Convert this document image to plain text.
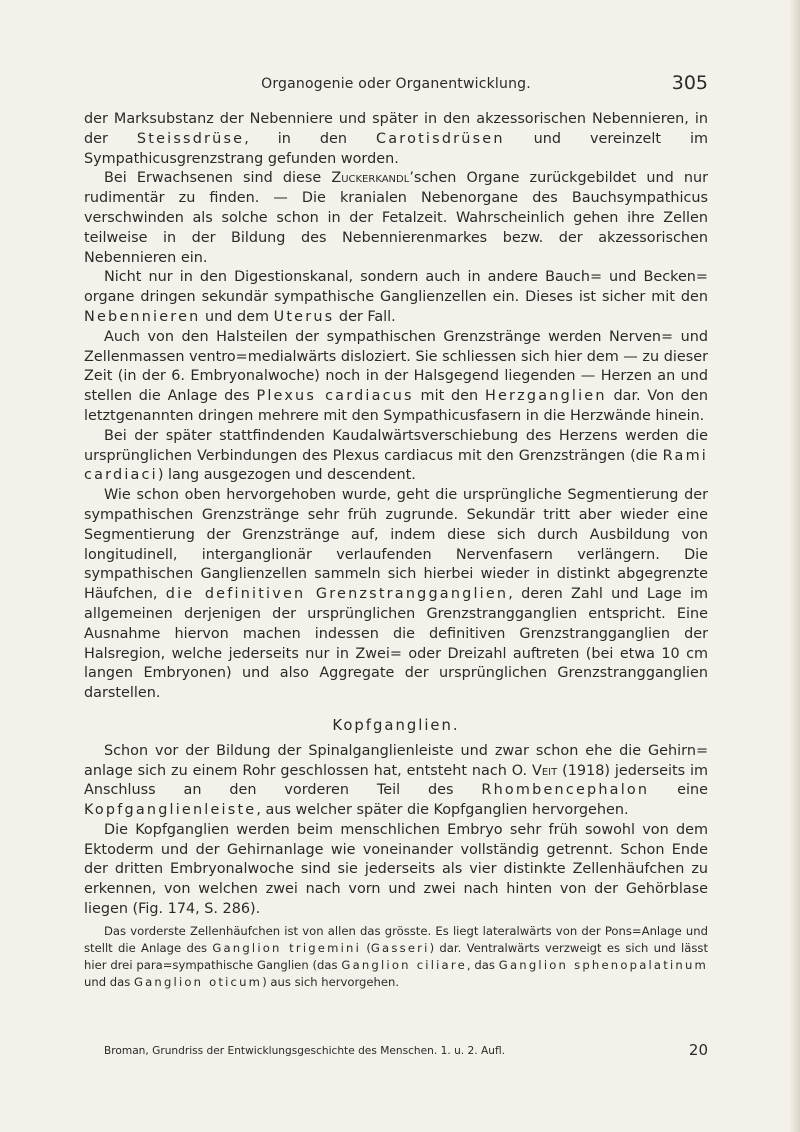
Organogenie oder Organentwicklung.	305

der Marksubstanz der Nebenniere und später in den akzessorischen Nebennieren, in der Steissdrüse, in den Carotisdrüsen und vereinzelt im Sympathicusgrenzstrang gefunden worden.

Bei Erwachsenen sind diese Zuckerkandl’schen Organe zurückgebildet und nur rudimentär zu finden. — Die kranialen Nebenorgane des Bauchsympathicus verschwinden als solche schon in der Fetalzeit. Wahrscheinlich gehen ihre Zellen teilweise in der Bildung des Nebennierenmarkes bezw. der akzessorischen Nebennieren ein.

Nicht nur in den Digestionskanal, sondern auch in andere Bauch= und Becken= organe dringen sekundär sympathische Ganglienzellen ein. Dieses ist sicher mit den Nebennieren und dem Uterus der Fall.

Auch von den Halsteilen der sympathischen Grenzstränge werden Nerven= und Zellenmassen ventro=medialwärts disloziert. Sie schliessen sich hier dem — zu dieser Zeit (in der 6. Embryonalwoche) noch in der Halsgegend liegenden — Herzen an und stellen die Anlage des Plexus cardiacus mit den Herzganglien dar. Von den letztgenannten dringen mehrere mit den Sympathicusfasern in die Herzwände hinein.

Bei der später stattfindenden Kaudalwärtsverschiebung des Herzens werden die ursprünglichen Verbindungen des Plexus cardiacus mit den Grenzsträngen (die Rami cardiaci) lang ausgezogen und descendent.

Wie schon oben hervorgehoben wurde, geht die ursprüngliche Segmentierung der sympathischen Grenzstränge sehr früh zugrunde. Sekundär tritt aber wieder eine Segmentierung der Grenzstränge auf, indem diese sich durch Ausbildung von longitudinell, interganglionär verlaufenden Nervenfasern verlängern. Die sympathischen Ganglienzellen sammeln sich hierbei wieder in distinkt abgegrenzte Häufchen, die definitiven Grenzstrangganglien, deren Zahl und Lage im allgemeinen derjenigen der ursprünglichen Grenzstrangganglien entspricht. Eine Ausnahme hiervon machen indessen die definitiven Grenzstrangganglien der Halsregion, welche jederseits nur in Zwei= oder Dreizahl auftreten (bei etwa 10 cm langen Embryonen) und also Aggregate der ursprünglichen Grenzstrangganglien darstellen.

Kopfganglien.

Schon vor der Bildung der Spinalganglienleiste und zwar schon ehe die Gehirn= anlage sich zu einem Rohr geschlossen hat, entsteht nach O. Veit (1918) jederseits im Anschluss an den vorderen Teil des Rhombencephalon eine Kopfganglienleiste, aus welcher später die Kopfganglien hervorgehen.

Die Kopfganglien werden beim menschlichen Embryo sehr früh sowohl von dem Ektoderm und der Gehirnanlage wie voneinander vollständig getrennt. Schon Ende der dritten Embryonalwoche sind sie jederseits als vier distinkte Zellenhäufchen zu erkennen, von welchen zwei nach vorn und zwei nach hinten von der Gehörblase liegen (Fig. 174, S. 286).

Das vorderste Zellenhäufchen ist von allen das grösste. Es liegt lateralwärts von der Pons=Anlage und stellt die Anlage des Ganglion trigemini (Gasseri) dar. Ventralwärts verzweigt es sich und lässt hier drei para=sympathische Ganglien (das Ganglion ciliare, das Ganglion sphenopalatinum und das Ganglion oticum) aus sich hervorgehen.

Broman, Grundriss der Entwicklungsgeschichte des Menschen. 1. u. 2. Aufl.	20
